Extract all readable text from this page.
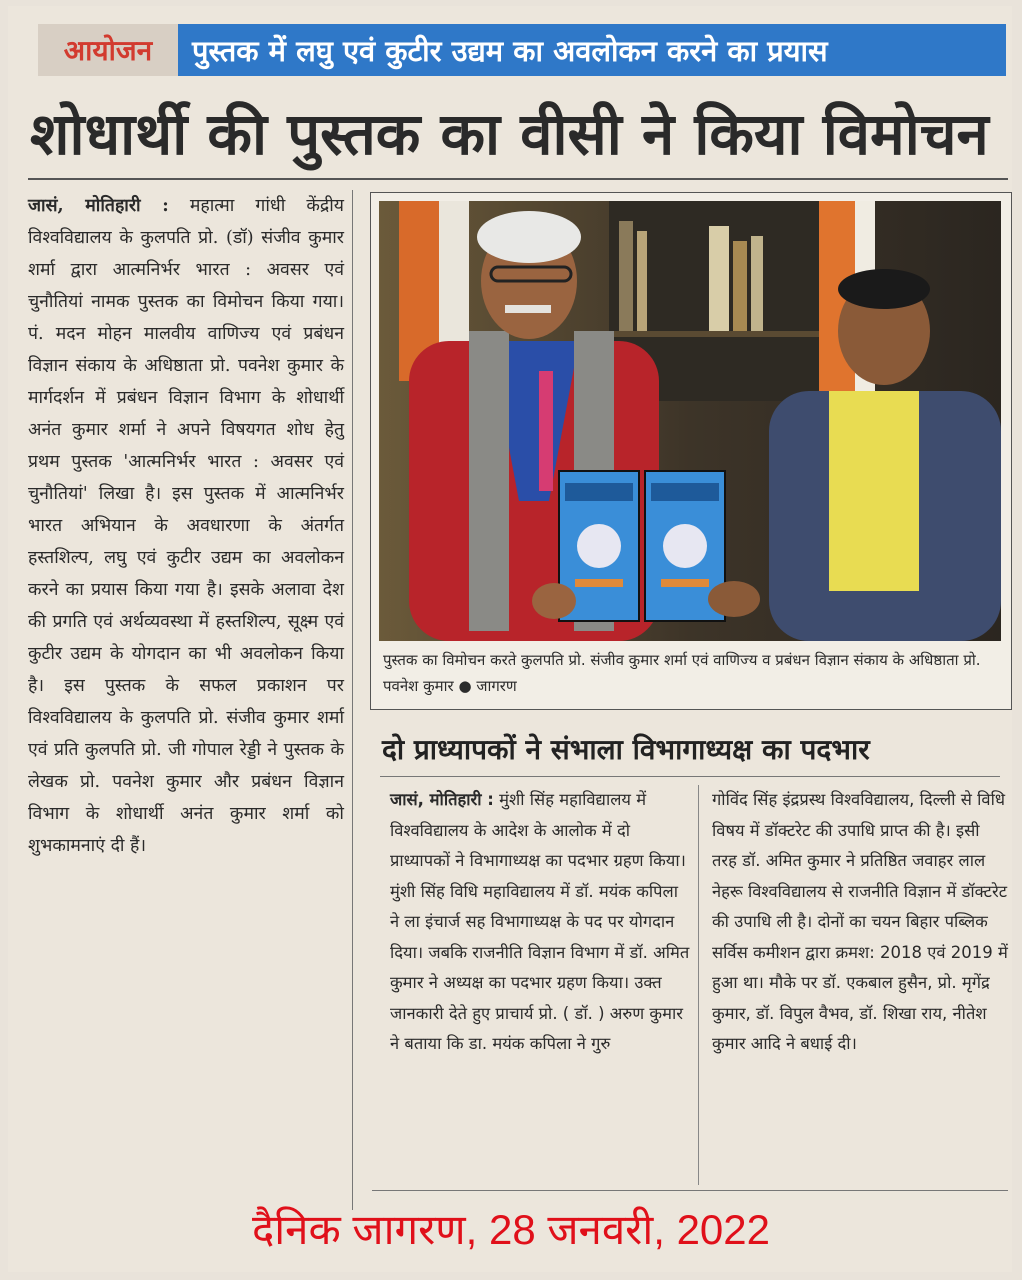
आयोजन	पुस्तक में लघु एवं कुटीर उद्यम का अवलोकन करने का प्रयास
शोधार्थी की पुस्तक का वीसी ने किया विमोचन
जासं, मोतिहारी : महात्मा गांधी केंद्रीय विश्वविद्यालय के कुलपति प्रो. (डॉ) संजीव कुमार शर्मा द्वारा आत्मनिर्भर भारत : अवसर एवं चुनौतियां नामक पुस्तक का विमोचन किया गया। पं. मदन मोहन मालवीय वाणिज्य एवं प्रबंधन विज्ञान संकाय के अधिष्ठाता प्रो. पवनेश कुमार के मार्गदर्शन में प्रबंधन विज्ञान विभाग के शोधार्थी अनंत कुमार शर्मा ने अपने विषयगत शोध हेतु प्रथम पुस्तक 'आत्मनिर्भर भारत : अवसर एवं चुनौतियां' लिखा है। इस पुस्तक में आत्मनिर्भर भारत अभियान के अवधारणा के अंतर्गत हस्तशिल्प, लघु एवं कुटीर उद्यम का अवलोकन करने का प्रयास किया गया है। इसके अलावा देश की प्रगति एवं अर्थव्यवस्था में हस्तशिल्प, सूक्ष्म एवं कुटीर उद्यम के योगदान का भी अवलोकन किया है। इस पुस्तक के सफल प्रकाशन पर विश्वविद्यालय के कुलपति प्रो. संजीव कुमार शर्मा एवं प्रति कुलपति प्रो. जी गोपाल रेड्डी ने पुस्तक के लेखक प्रो. पवनेश कुमार और प्रबंधन विज्ञान विभाग के शोधार्थी अनंत कुमार शर्मा को शुभकामनाएं दी हैं।
पुस्तक का विमोचन करते कुलपति प्रो. संजीव कुमार शर्मा एवं वाणिज्य व प्रबंधन विज्ञान संकाय के अधिष्ठाता प्रो. पवनेश कुमार ● जागरण
दो प्राध्यापकों ने संभाला विभागाध्यक्ष का पदभार
जासं, मोतिहारी : मुंशी सिंह महाविद्यालय में विश्वविद्यालय के आदेश के आलोक में दो प्राध्यापकों ने विभागाध्यक्ष का पदभार ग्रहण किया। मुंशी सिंह विधि महाविद्यालय में डॉ. मयंक कपिला ने ला इंचार्ज सह विभागाध्यक्ष के पद पर योगदान दिया। जबकि राजनीति विज्ञान विभाग में डॉ. अमित कुमार ने अध्यक्ष का पदभार ग्रहण किया। उक्त जानकारी देते हुए प्राचार्य प्रो. ( डॉ. ) अरुण कुमार ने बताया कि डा. मयंक कपिला ने गुरु
गोविंद सिंह इंद्रप्रस्थ विश्वविद्यालय, दिल्ली से विधि विषय में डॉक्टरेट की उपाधि प्राप्त की है। इसी तरह डॉ. अमित कुमार ने प्रतिष्ठित जवाहर लाल नेहरू विश्वविद्यालय से राजनीति विज्ञान में डॉक्टरेट की उपाधि ली है। दोनों का चयन बिहार पब्लिक सर्विस कमीशन द्वारा क्रमश: 2018 एवं 2019 में हुआ था। मौके पर डॉ. एकबाल हुसैन, प्रो. मृगेंद्र कुमार, डॉ. विपुल वैभव, डॉ. शिखा राय, नीतेश कुमार आदि ने बधाई दी।
दैनिक जागरण, 28 जनवरी, 2022
